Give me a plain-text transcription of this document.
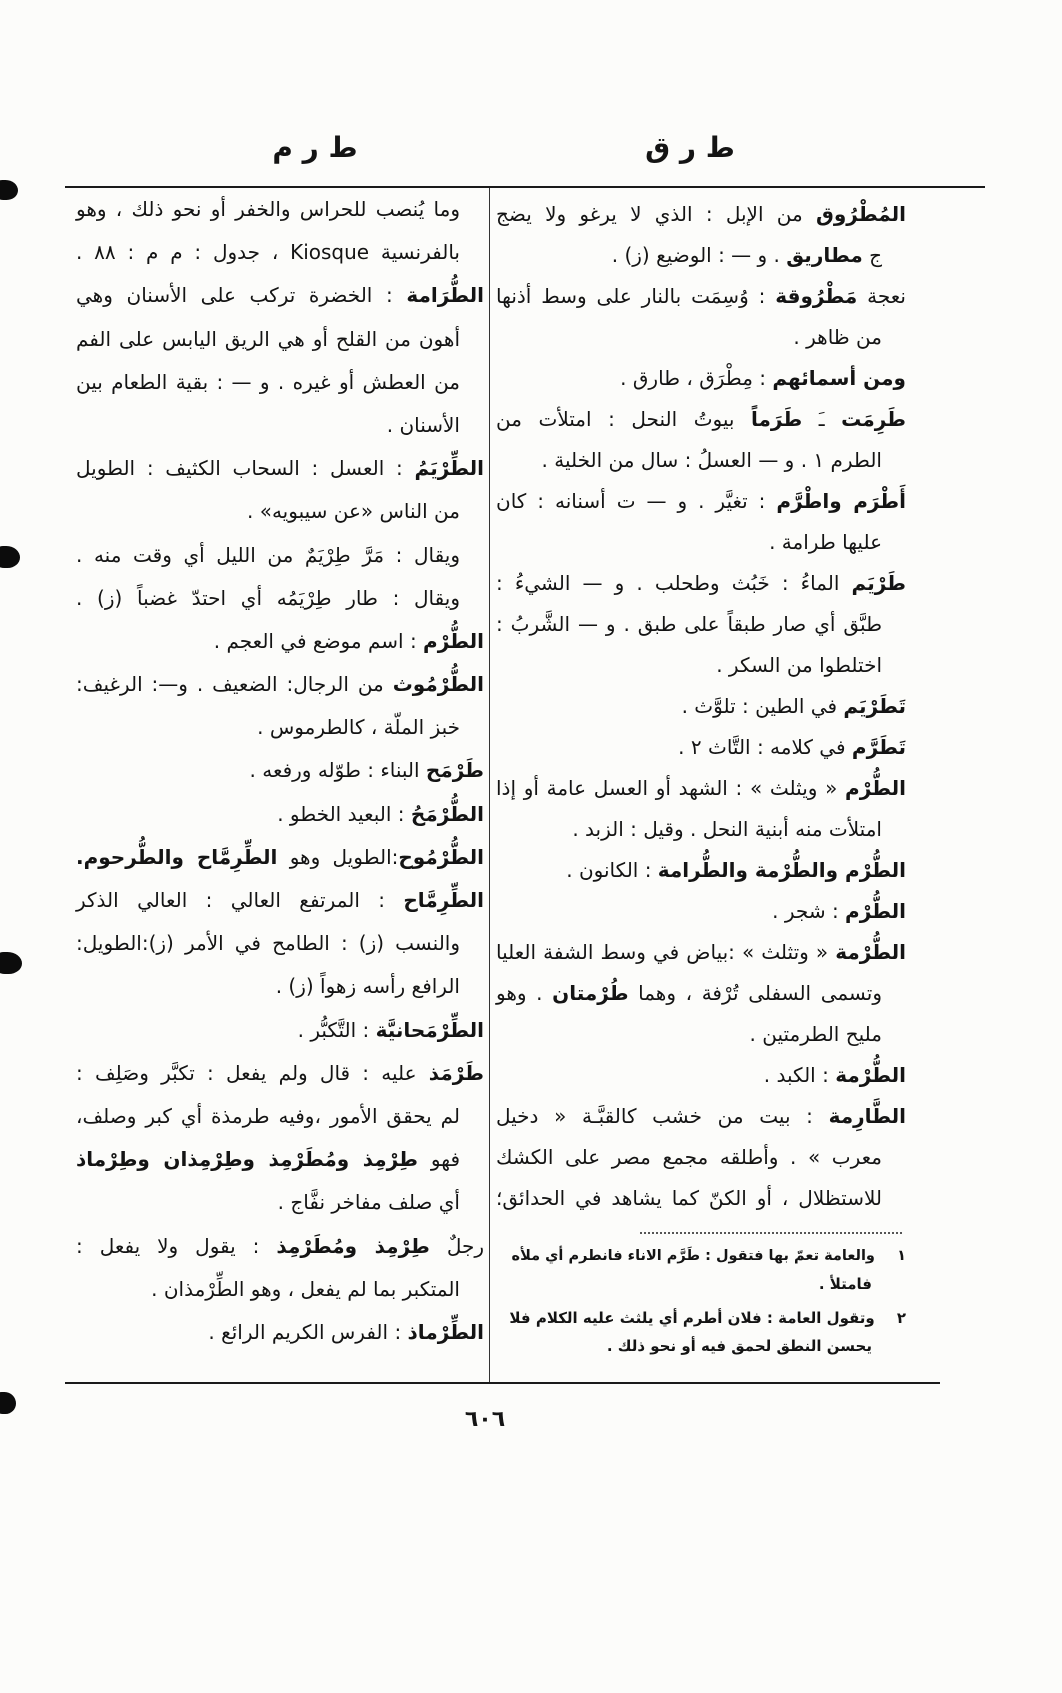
ط ر م	ط ر ق
المُطْرُوق من الإبل : الذي لا يرغو ولا يضج
ج مطاريق . و — : الوضيع (ز) .
نعجة مَطْرُوقة : وُسِمَت بالنار على وسط أذنها
من ظاهر .
ومن أسمائهم : مِطْرَق ، طارق .
طَرِمَت ـَ طَرَماً بيوتُ النحل : امتلأت من
الطرم ١ . و — العسلُ : سال من الخلية .
أَطْرَم واطْرَّم : تغيَّر . و — ت أسنانه : كان
عليها طرامة .
طَرْيَم الماءُ : خَبُث وطحلب . و — الشيءُ :
طبَّق أي صار طبقاً على طبق . و — الشَّربُ :
اختلطوا من السكر .
تَطَرْيَم في الطين : تلوَّث .
تَطَرَّم في كلامه : التَّاث ٢ .
الطُّرْم « ويثلث » : الشهد أو العسل عامة أو إذا
امتلأت منه أبنية النحل . وقيل : الزبد .
الطُّرْم والطُّرْمة والطُّرامة : الكانون .
الطُّرْم : شجر .
الطُّرْمة « وتثلث » :بياض في وسط الشفة العليا
وتسمى السفلى تُرْفة ، وهما طُرْمتان . وهو
مليح الطرمتين .
الطُّرْمة : الكبد .
الطَّارِمة : بيت من خشب كالقبَّـة « دخيل
معرب » . وأطلقه مجمع مصر على الكشك
للاستظلال ، أو الكنّ كما يشاهد في الحدائق؛
وما يُنصب للحراس والخفر أو نحو ذلك ، وهو
بالفرنسية Kiosque ، جدول : م م : ٨٨ .
الطُّرَامة : الخضرة تركب على الأسنان وهي
أهون من القلح أو هي الريق اليابس على الفم
من العطش أو غيره . و — : بقية الطعام بين
الأسنان .
الطِّرْيَمُ : العسل : السحاب الكثيف : الطويل
من الناس «عن سيبويه» .
ويقال : مَرَّ طِرْيَمٌ من الليل أي وقت منه .
ويقال : طار طِرْيَمُه أي احتدّ غضباً (ز) .
الطُّرْم : اسم موضع في العجم .
الطُّرْمُوث من الرجال: الضعيف . و—: الرغيف:
خبز الملّة ، كالطرموس .
طَرْمَح البناء : طوّله ورفعه .
الطُّرْمَحُ : البعيد الخطو .
الطُّرْمُوح:الطويل وهو الطِّرِمَّاح والطُّرحوم.
الطِّرِمَّاح : المرتفع العالي : العالي الذكر
والنسب (ز) : الطامح في الأمر (ز):الطويل:
الرافع رأسه زهواً (ز) .
الطِّرْمَحانيَّة : التَّكبُّر .
طَرْمَذ عليه : قال ولم يفعل : تكبَّر وصَلِف :
لم يحقق الأمور ،وفيه طرمذة أي كبر وصلف،
فهو طِرْمِذ ومُطَرْمِذ وطِرْمِذان وطِرْماذ
أي صلف مفاخر نفَّاج .
رجلٌ طِرْمِذ ومُطَرْمِذ : يقول ولا يفعل :
المتكبر بما لم يفعل ، وهو الطِّرْمذان .
الطِّرْماذ : الفرس الكريم الرائع .
١ والعامة تعمّ بها فتقول : طَرَّم الاناء فانطرم أي ملأه
فامتلأ .
٢ وتقول العامة : فلان أطرم أي يلثث عليه الكلام فلا
يحسن النطق لحمق فيه أو نحو ذلك .
٦٠٦
